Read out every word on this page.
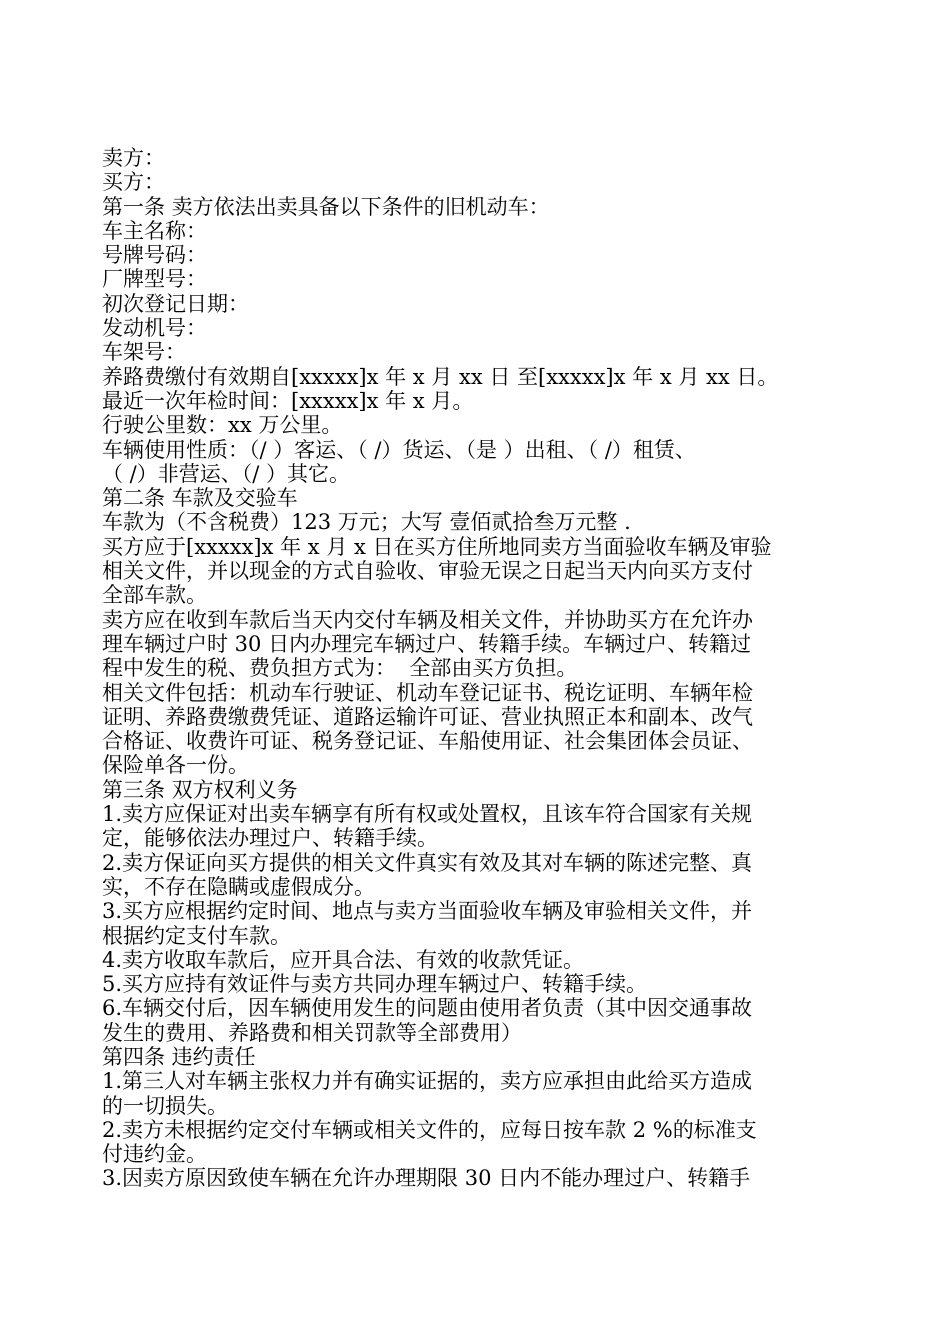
卖方：
买方：
第一条 卖方依法出卖具备以下条件的旧机动车：
车主名称：
号牌号码：
厂牌型号：
初次登记日期：
发动机号：
车架号：
养路费缴付有效期自[xxxxx]x 年 x 月 xx 日 至[xxxxx]x 年 x 月 xx 日。
最近一次年检时间：[xxxxx]x 年 x 月。
行驶公里数：xx 万公里。
车辆使用性质：（/ ）客运、（ /）货运、（是 ）出租、（ /）租赁、
（ /）非营运、（/ ）其它。
第二条 车款及交验车
车款为（不含税费）123 万元；大写 壹佰贰拾叁万元整 .
买方应于[xxxxx]x 年 x 月 x 日在买方住所地同卖方当面验收车辆及审验
相关文件，并以现金的方式自验收、审验无误之日起当天内向买方支付
全部车款。
卖方应在收到车款后当天内交付车辆及相关文件，并协助买方在允许办
理车辆过户时 30 日内办理完车辆过户、转籍手续。车辆过户、转籍过
程中发生的税、费负担方式为：  全部由买方负担。
相关文件包括：机动车行驶证、机动车登记证书、税讫证明、车辆年检
证明、养路费缴费凭证、道路运输许可证、营业执照正本和副本、改气
合格证、收费许可证、税务登记证、车船使用证、社会集团体会员证、
保险单各一份。
第三条 双方权利义务
1.卖方应保证对出卖车辆享有所有权或处置权，且该车符合国家有关规
定，能够依法办理过户、转籍手续。
2.卖方保证向买方提供的相关文件真实有效及其对车辆的陈述完整、真
实，不存在隐瞒或虚假成分。
3.买方应根据约定时间、地点与卖方当面验收车辆及审验相关文件，并
根据约定支付车款。
4.卖方收取车款后，应开具合法、有效的收款凭证。
5.买方应持有效证件与卖方共同办理车辆过户、转籍手续。
6.车辆交付后，因车辆使用发生的问题由使用者负责（其中因交通事故
发生的费用、养路费和相关罚款等全部费用）
第四条 违约责任
1.第三人对车辆主张权力并有确实证据的，卖方应承担由此给买方造成
的一切损失。
2.卖方未根据约定交付车辆或相关文件的，应每日按车款 2 %的标准支
付违约金。
3.因卖方原因致使车辆在允许办理期限 30 日内不能办理过户、转籍手
